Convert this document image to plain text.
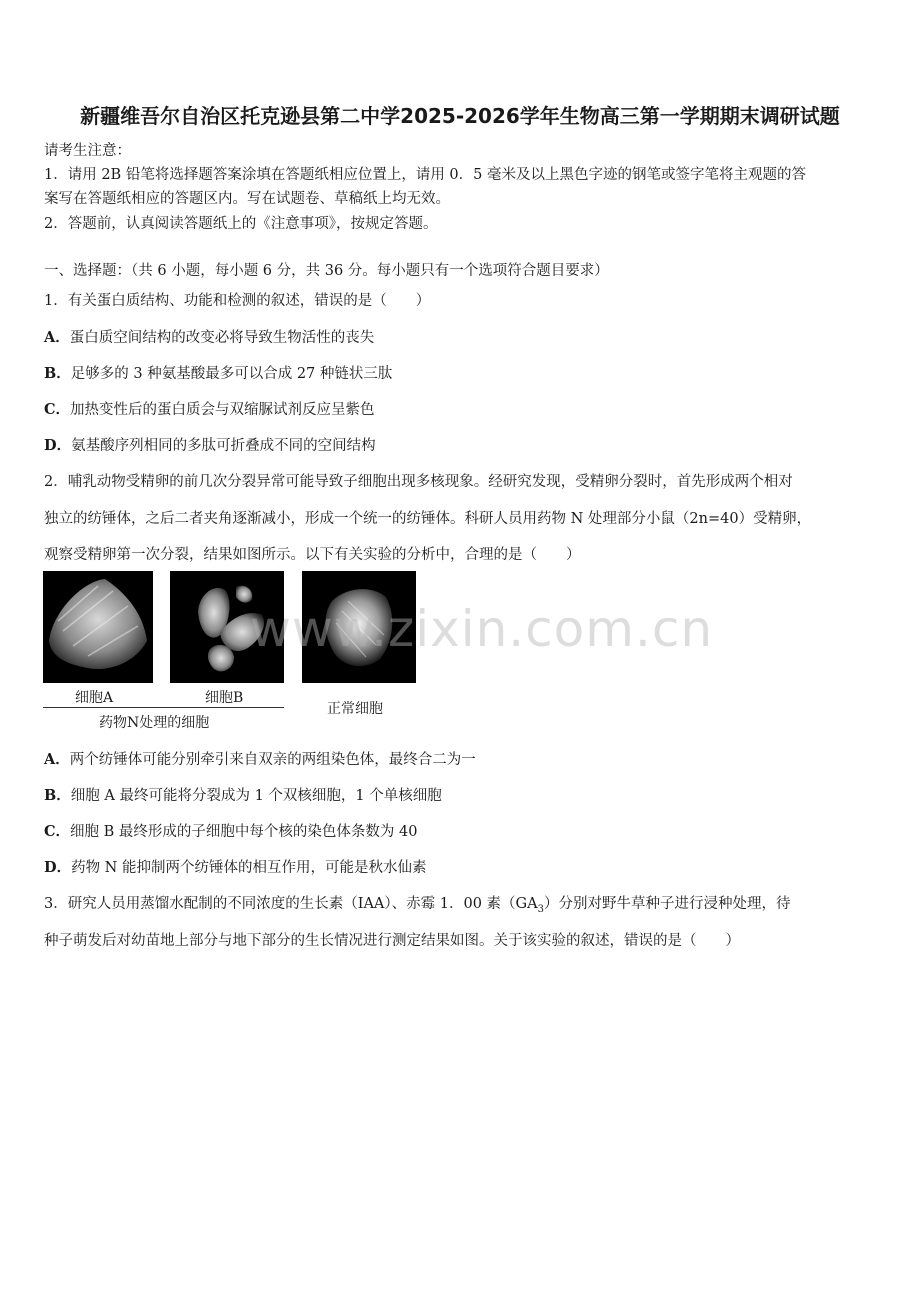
新疆维吾尔自治区托克逊县第二中学2025-2026学年生物高三第一学期期末调研试题
请考生注意：
1．请用 2B 铅笔将选择题答案涂填在答题纸相应位置上，请用 0．5 毫米及以上黑色字迹的钢笔或签字笔将主观题的答
案写在答题纸相应的答题区内。写在试题卷、草稿纸上均无效。
2．答题前，认真阅读答题纸上的《注意事项》，按规定答题。
一、选择题：（共 6 小题，每小题 6 分，共 36 分。每小题只有一个选项符合题目要求）
1．有关蛋白质结构、功能和检测的叙述，错误的是（　　）
A．蛋白质空间结构的改变必将导致生物活性的丧失
B．足够多的 3 种氨基酸最多可以合成 27 种链状三肽
C．加热变性后的蛋白质会与双缩脲试剂反应呈紫色
D．氨基酸序列相同的多肽可折叠成不同的空间结构
2．哺乳动物受精卵的前几次分裂异常可能导致子细胞出现多核现象。经研究发现，受精卵分裂时，首先形成两个相对
独立的纺锤体，之后二者夹角逐渐减小，形成一个统一的纺锤体。科研人员用药物 N 处理部分小鼠（2n=40）受精卵，
观察受精卵第一次分裂，结果如图所示。以下有关实验的分析中，合理的是（　　）
细胞A	细胞B
正常细胞
药物N处理的细胞
www.zixin.com.cn
A．两个纺锤体可能分别牵引来自双亲的两组染色体，最终合二为一
B．细胞 A 最终可能将分裂成为 1 个双核细胞，1 个单核细胞
C．细胞 B 最终形成的子细胞中每个核的染色体条数为 40
D．药物 N 能抑制两个纺锤体的相互作用，可能是秋水仙素
3．研究人员用蒸馏水配制的不同浓度的生长素（IAA）、赤霉 1．00 素$(GA_3)$分别对野牛草种子进行浸种处理，待
种子萌发后对幼苗地上部分与地下部分的生长情况进行测定结果如图。关于该实验的叙述，错误的是（　　）
